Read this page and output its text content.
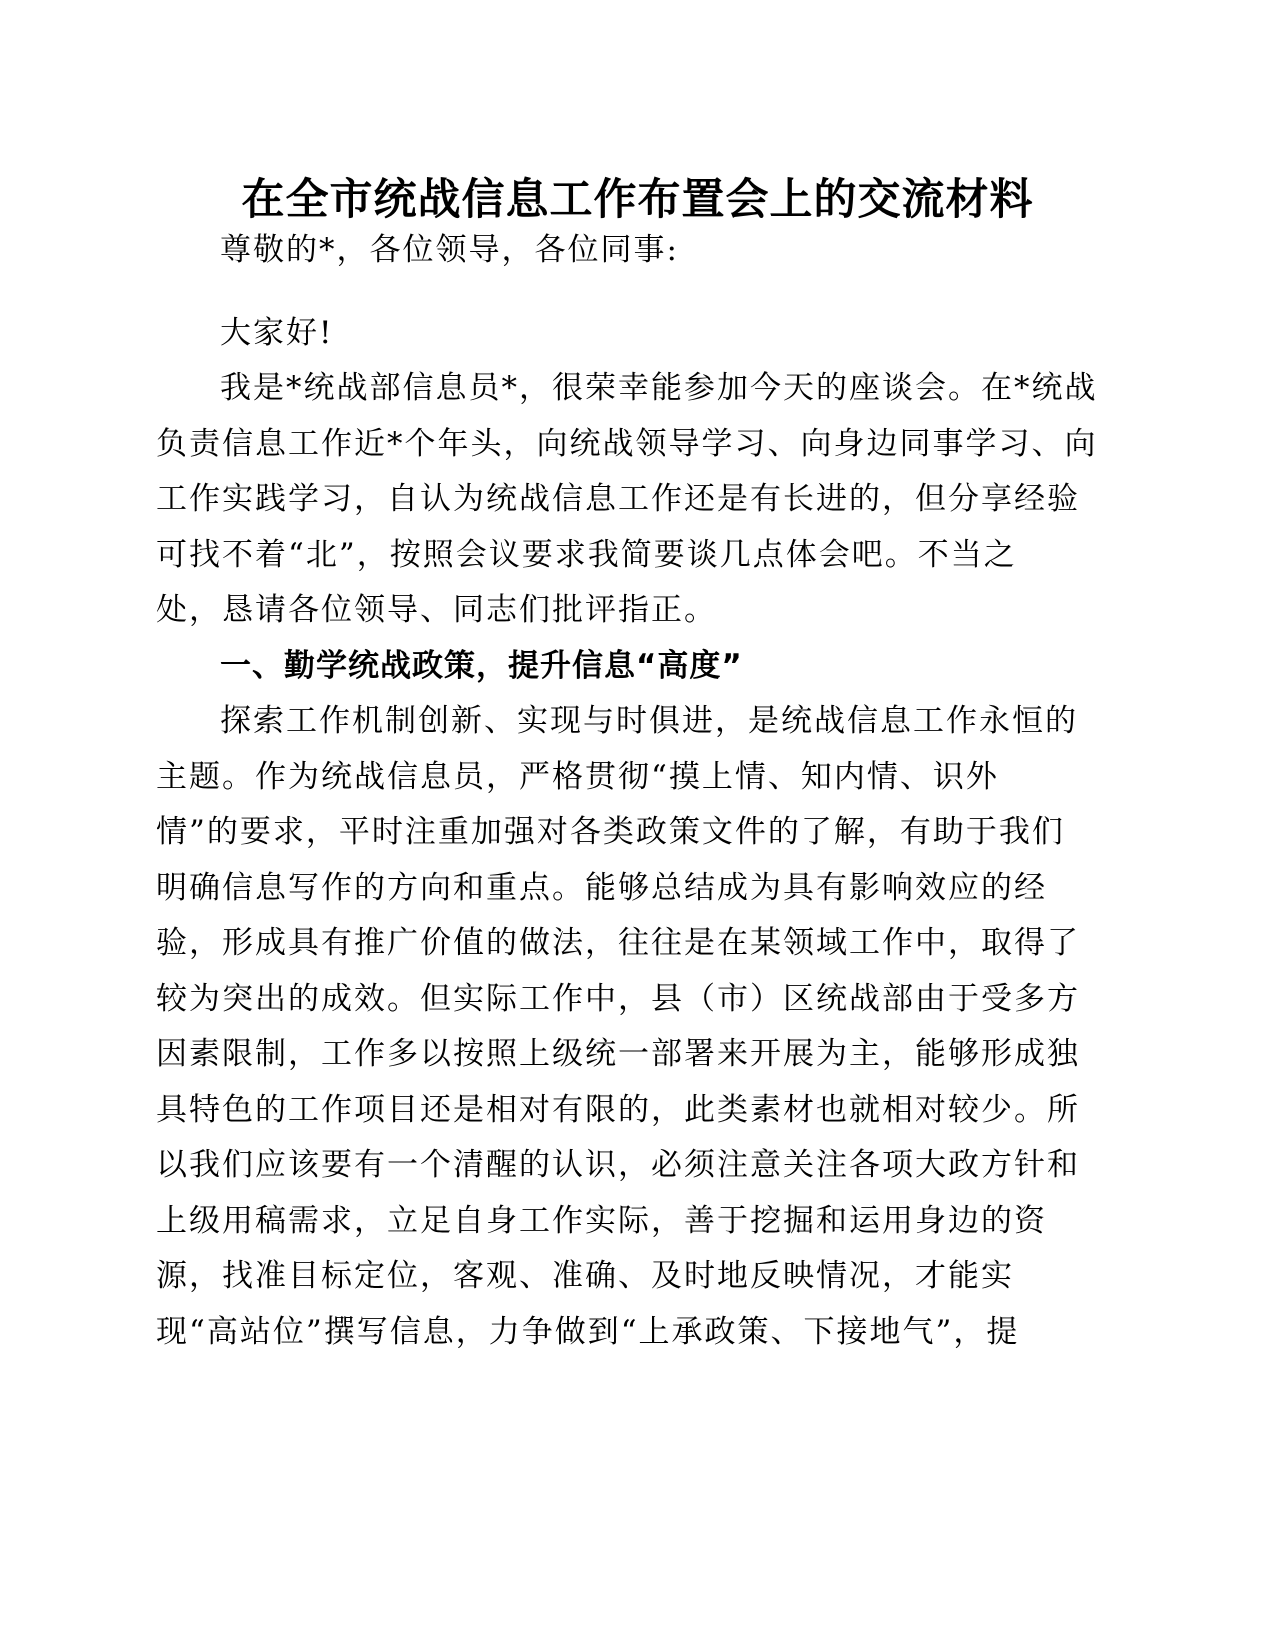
在全市统战信息工作布置会上的交流材料
尊敬的*，各位领导，各位同事:
大家好!
我是*统战部信息员*，很荣幸能参加今天的座谈会。在*统战
负责信息工作近*个年头，向统战领导学习、向身边同事学习、向
工作实践学习，自认为统战信息工作还是有长进的，但分享经验
可找不着“北”，按照会议要求我简要谈几点体会吧。不当之
处，恳请各位领导、同志们批评指正。
一、勤学统战政策，提升信息“高度”
探索工作机制创新、实现与时俱进，是统战信息工作永恒的
主题。作为统战信息员，严格贯彻“摸上情、知内情、识外
情”的要求，平时注重加强对各类政策文件的了解，有助于我们
明确信息写作的方向和重点。能够总结成为具有影响效应的经
验，形成具有推广价值的做法，往往是在某领域工作中，取得了
较为突出的成效。但实际工作中，县（市）区统战部由于受多方
因素限制，工作多以按照上级统一部署来开展为主，能够形成独
具特色的工作项目还是相对有限的，此类素材也就相对较少。所
以我们应该要有一个清醒的认识，必须注意关注各项大政方针和
上级用稿需求，立足自身工作实际，善于挖掘和运用身边的资
源，找准目标定位，客观、准确、及时地反映情况，才能实
现“高站位”撰写信息，力争做到“上承政策、下接地气”，提
